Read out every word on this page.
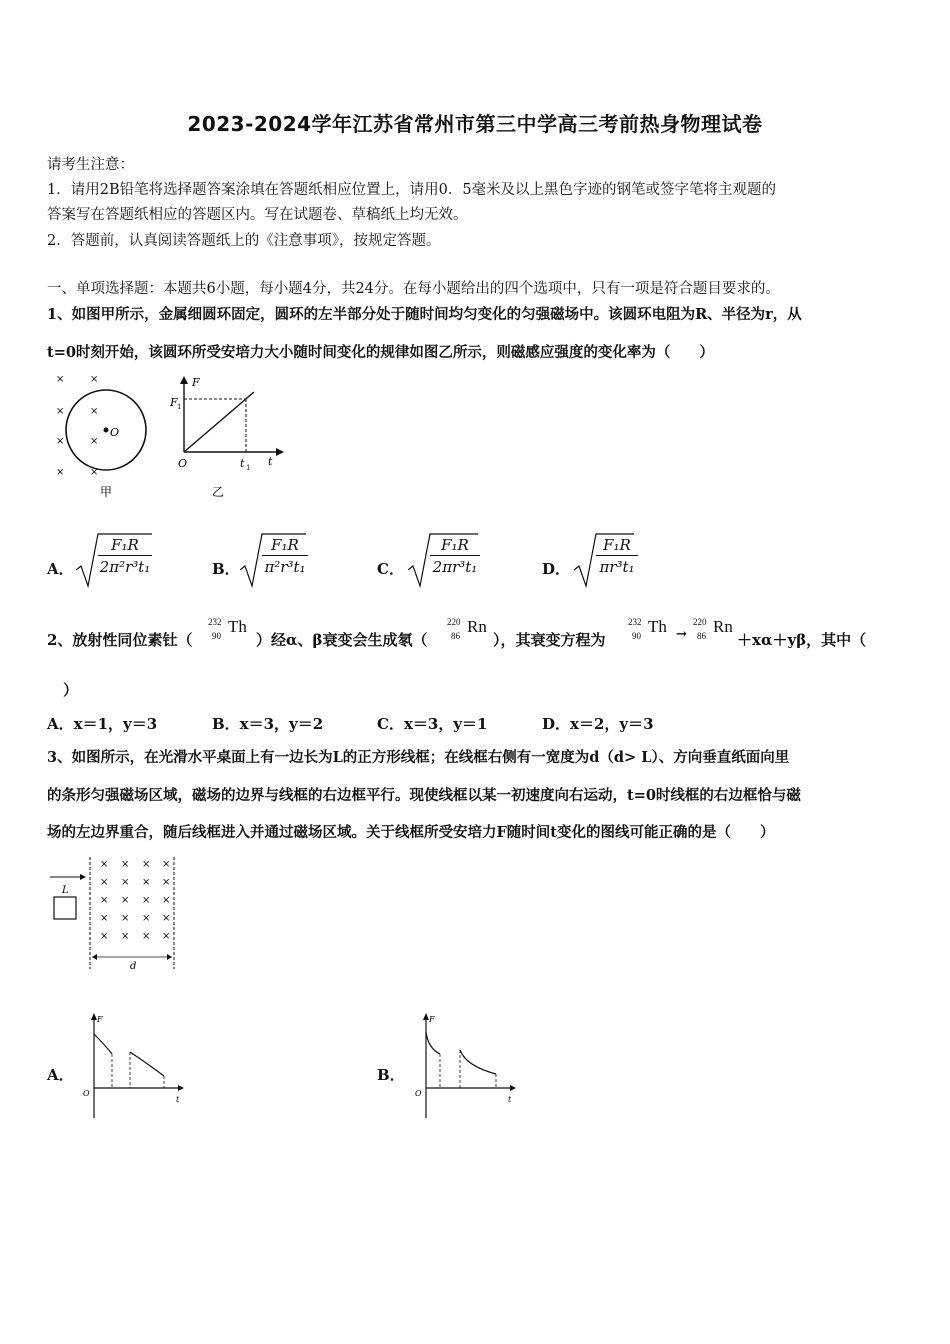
2023-2024学年江苏省常州市第三中学高三考前热身物理试卷
请考生注意：
1．请用2B铅笔将选择题答案涂填在答题纸相应位置上，请用0．5毫米及以上黑色字迹的钢笔或签字笔将主观题的
答案写在答题纸相应的答题区内。写在试题卷、草稿纸上均无效。
2．答题前，认真阅读答题纸上的《注意事项》，按规定答题。
一、单项选择题：本题共6小题，每小题4分，共24分。在每小题给出的四个选项中，只有一项是符合题目要求的。
1、如图甲所示，金属细圆环固定，圆环的左半部分处于随时间均匀变化的匀强磁场中。该圆环电阻为R、半径为r，从
t=0时刻开始，该圆环所受安培力大小随时间变化的规律如图乙所示，则磁感应强度的变化率为（　　）
O
×	×
×	×
×	×
×	×
甲
F
F 1
O	t 1 t
乙
A．	B．	C．	D．
$\frac{\text{F₁R}}{\text{2π²r³t₁}}$	$\frac{\text{F₁R}}{\text{π²r³t₁}}$	$\frac{\text{F₁R}}{\text{2πr³t₁}}$	$\frac{\text{F₁R}}{\text{πr³t₁}}$
2、放射性同位素钍（
232
90 Th
）经α、β衰变会生成氡（
220
86 Rn
），其衰变方程为
232
90 Th →
220
86 Rn
＋xα＋yβ，其中（
）
A．x＝1，y＝3	B．x＝3，y＝2	C．x＝3，y＝1	D．x＝2，y＝3
3、如图所示，在光滑水平桌面上有一边长为L的正方形线框；在线框右侧有一宽度为d（d> L）、方向垂直纸面向里
的条形匀强磁场区域，磁场的边界与线框的右边框平行。现使线框以某一初速度向右运动，t=0时线框的右边框恰与磁
场的左边界重合，随后线框进入并通过磁场区域。关于线框所受安培力F随时间t变化的图线可能正确的是（　　）
L
× × × ×
× × × ×
× × × ×
× × × ×
× × × ×
d
A．	B．
F
O
t
F
O
t
